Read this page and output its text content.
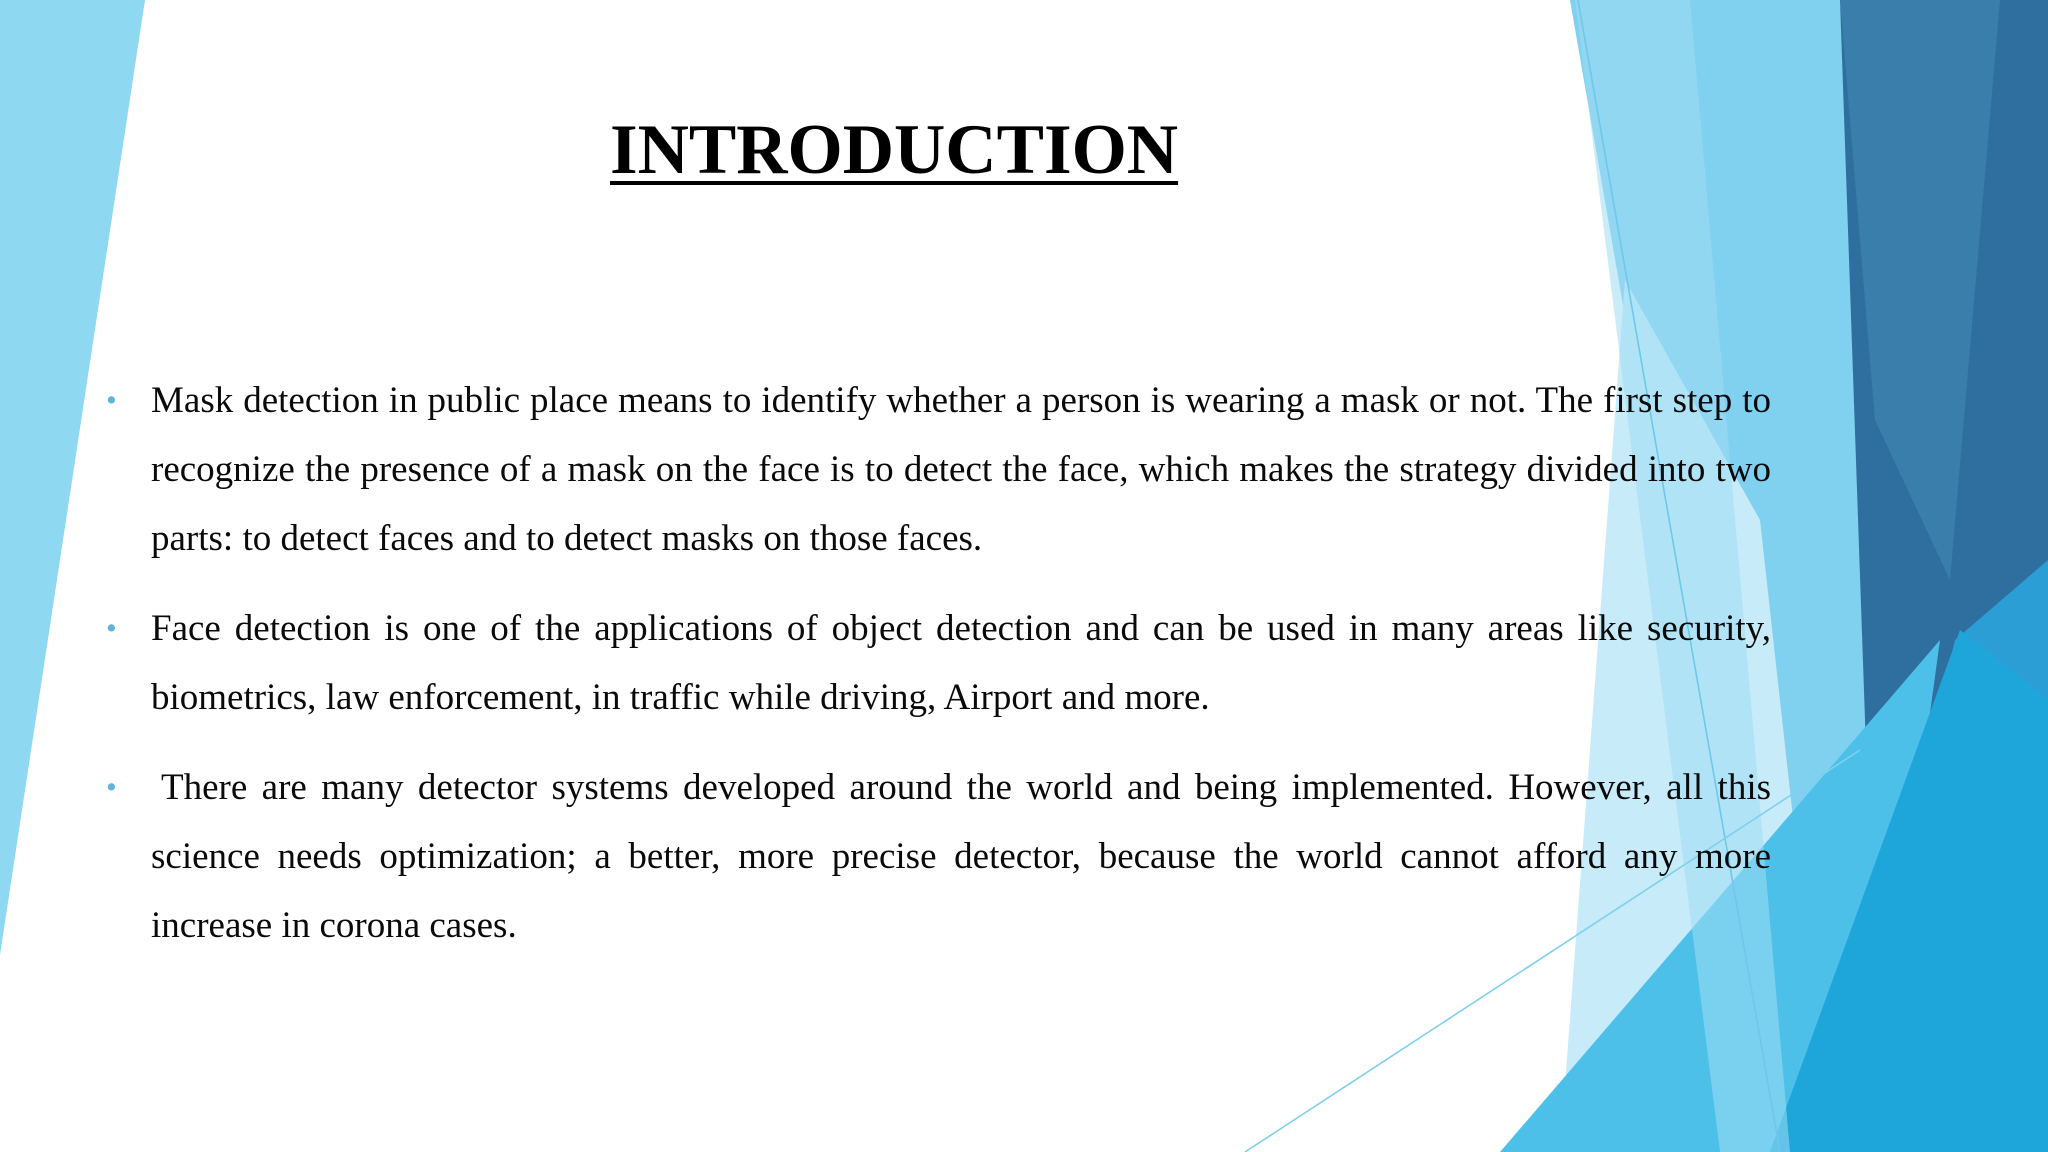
INTRODUCTION
• Mask detection in public place means to identify whether a person is wearing a mask or not. The first step to recognize the presence of a mask on the face is to detect the face, which makes the strategy divided into two parts: to detect faces and to detect masks on those faces.
• Face detection is one of the applications of object detection and can be used in many areas like security, biometrics, law enforcement, in traffic while driving, Airport and more.
• There are many detector systems developed around the world and being implemented. However, all this science needs optimization; a better, more precise detector, because the world cannot afford any more increase in corona cases.
